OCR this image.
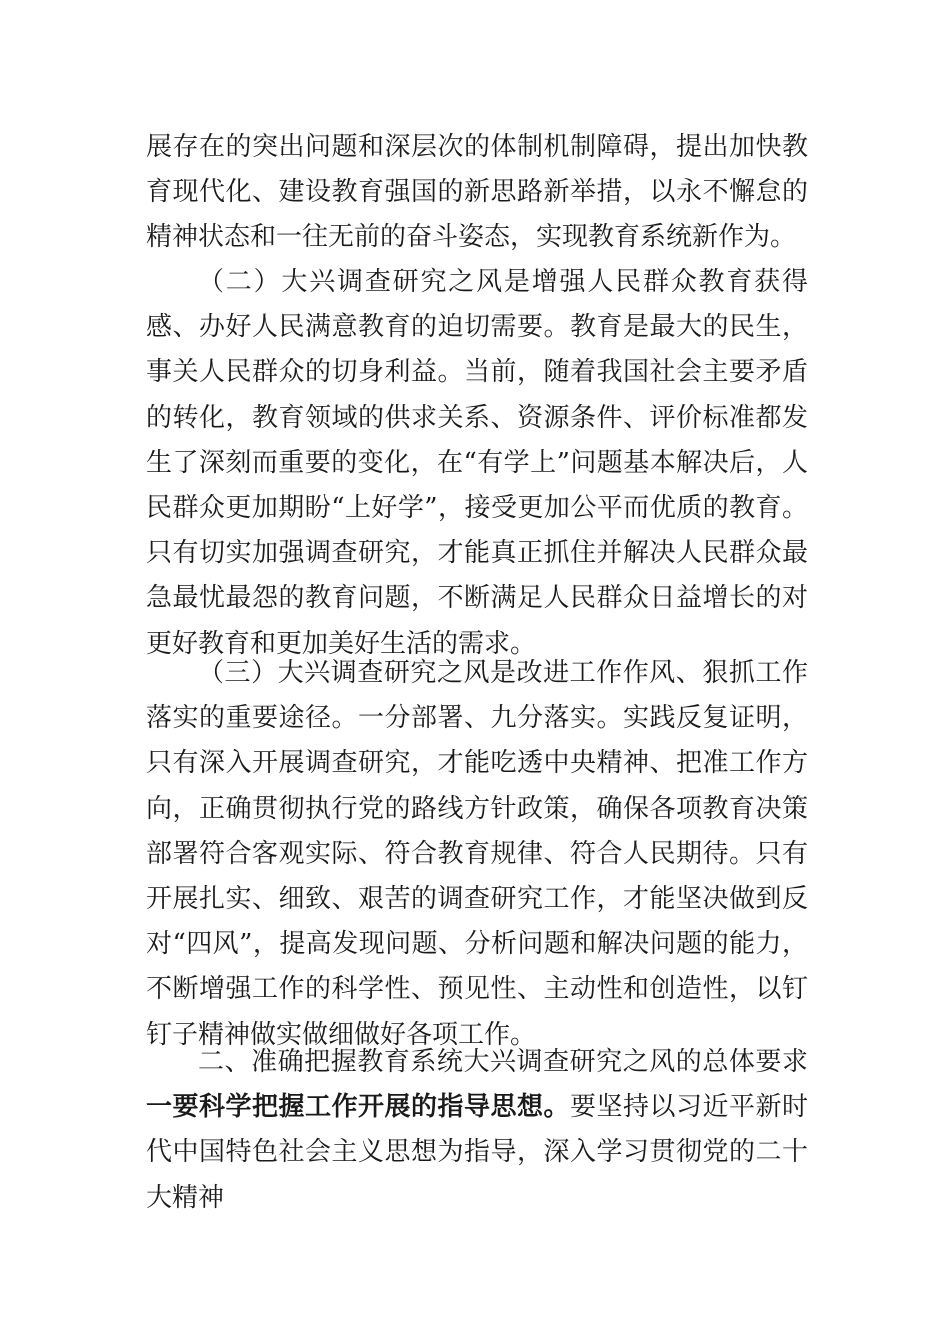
展存在的突出问题和深层次的体制机制障碍，提出加快教育现代化、建设教育强国的新思路新举措，以永不懈怠的精神状态和一往无前的奋斗姿态，实现教育系统新作为。

（二）大兴调查研究之风是增强人民群众教育获得感、办好人民满意教育的迫切需要。教育是最大的民生，事关人民群众的切身利益。当前，随着我国社会主要矛盾的转化，教育领域的供求关系、资源条件、评价标准都发生了深刻而重要的变化，在“有学上”问题基本解决后，人民群众更加期盼“上好学”，接受更加公平而优质的教育。只有切实加强调查研究，才能真正抓住并解决人民群众最急最忧最怨的教育问题，不断满足人民群众日益增长的对更好教育和更加美好生活的需求。

（三）大兴调查研究之风是改进工作作风、狠抓工作落实的重要途径。一分部署、九分落实。实践反复证明，只有深入开展调查研究，才能吃透中央精神、把准工作方向，正确贯彻执行党的路线方针政策，确保各项教育决策部署符合客观实际、符合教育规律、符合人民期待。只有开展扎实、细致、艰苦的调查研究工作，才能坚决做到反对“四风”，提高发现问题、分析问题和解决问题的能力，不断增强工作的科学性、预见性、主动性和创造性，以钉钉子精神做实做细做好各项工作。

二、准确把握教育系统大兴调查研究之风的总体要求一要科学把握工作开展的指导思想。要坚持以习近平新时代中国特色社会主义思想为指导，深入学习贯彻党的二十大精神
